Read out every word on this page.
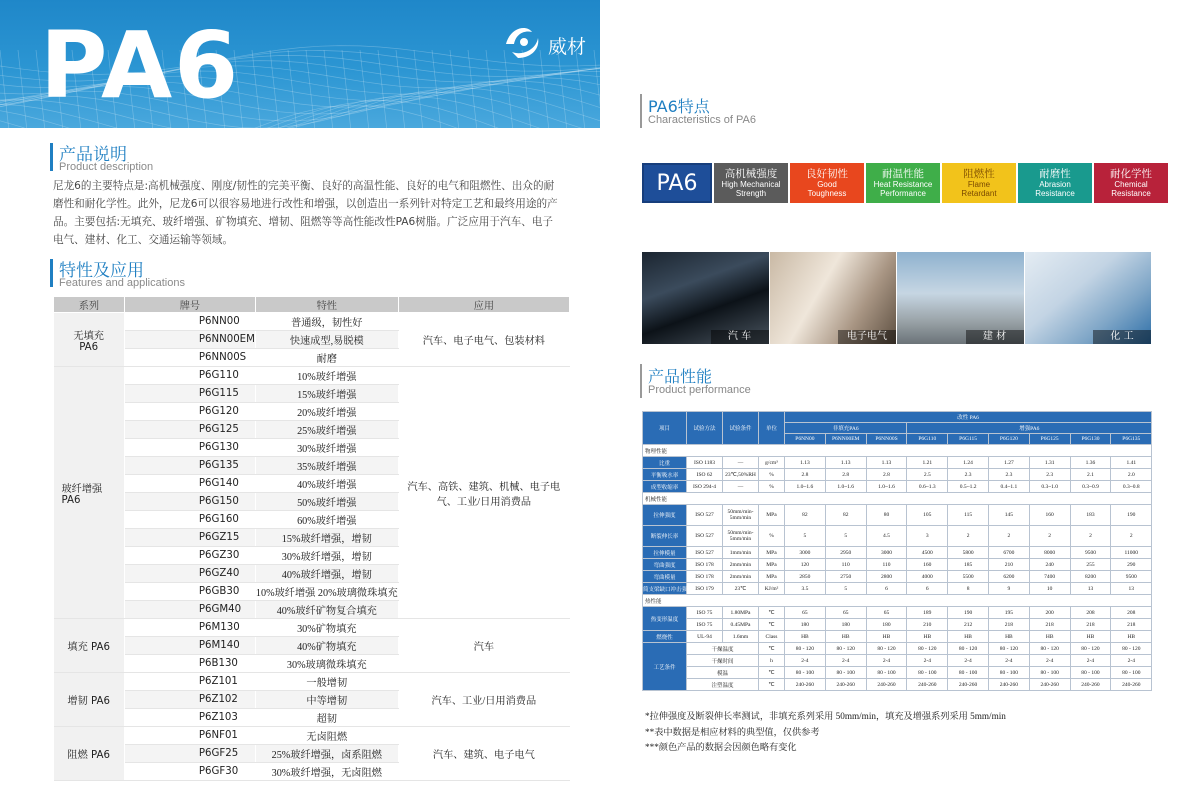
PA6	威材
产品说明
Product description
尼龙6的主要特点是:高机械强度、刚度/韧性的完美平衡、良好的高温性能、良好的电气和阻燃性、出众的耐磨性和耐化学性。此外，尼龙6可以很容易地进行改性和增强，以创造出一系列针对特定工艺和最终用途的产品。主要包括:无填充、玻纤增强、矿物填充、增韧、阻燃等等高性能改性PA6树脂。广泛应用于汽车、电子电气、建材、化工、交通运输等领域。
特性及应用
Features and applications
系列	牌号	特性	应用
无填充
PA6	P6NN00	普通级，韧性好	汽车、电子电气、包装材料
	P6NN00EM	快速成型,易脱模	
	P6NN00S	耐磨	
玻纤增强
PA6	P6G110	10%玻纤增强	汽车、高铁、建筑、机械、电子电气、工业/日用消费品
	P6G115	15%玻纤增强	
	P6G120	20%玻纤增强	
	P6G125	25%玻纤增强	
	P6G130	30%玻纤增强	
	P6G135	35%玻纤增强	
	P6G140	40%玻纤增强	
	P6G150	50%玻纤增强	
	P6G160	60%玻纤增强	
	P6GZ15	15%玻纤增强，增韧	
	P6GZ30	30%玻纤增强，增韧	
	P6GZ40	40%玻纤增强，增韧	
	P6GB30	10%玻纤增强 20%玻璃微珠填充	
	P6GM40	40%玻纤矿物复合填充	
填充 PA6	P6M130	30%矿物填充	汽车
	P6M140	40%矿物填充	
	P6B130	30%玻璃微珠填充	
增韧 PA6	P6Z101	一般增韧	汽车、工业/日用消费品
	P6Z102	中等增韧	
	P6Z103	超韧	
阻燃 PA6	P6NF01	无卤阻燃	汽车、建筑、电子电气
	P6GF25	25%玻纤增强，卤系阻燃	
	P6GF30	30%玻纤增强，无卤阻燃	
PA6特点
Characteristics of PA6
PA6	高机械强度
High Mechanical
Strength
良好韧性
Good
Toughness
耐温性能
Heat Resistance
Performance
阻燃性
Flame
Retardant
耐磨性
Abrasion
Resistance
耐化学性
Chemical
Resistance
汽 车	电子电气	建 材	化 工
产品性能
Product performance
项目	试验方法	试验条件	单位	改性 PA6								
				非填充PA6			增强PA6					
				P6NN00	P6NN00EM	P6NN00S	P6G110	P6G115	P6G120	P6G125	P6G130	P6G135
物理性能												
比重	ISO 1183	—	g/cm³	1.13	1.13	1.13	1.21	1.24	1.27	1.31	1.36	1.41
平衡吸水率	ISO 62	23℃,50%RH	%	2.8	2.8	2.8	2.5	2.3	2.3	2.3	2.1	2.0
成型收缩率	ISO 294-4	—	%	1.0~1.6	1.0~1.6	1.0~1.6	0.6~1.3	0.5~1.2	0.4~1.1	0.3~1.0	0.3~0.9	0.3~0.8
机械性能												
拉伸强度	ISO 527	50mm/min-5mm/min	MPa	82	82	80	105	115	145	160	183	190
断裂伸长率	ISO 527	50mm/min-5mm/min	%	5	5	4.5	3	2	2	2	2	2
拉伸模量	ISO 527	1mm/min	MPa	3000	2950	3000	4500	5800	6700	8000	9500	11000
弯曲强度	ISO 178	2mm/min	MPa	120	110	110	160	185	210	240	255	290
弯曲模量	ISO 178	2mm/min	MPa	2850	2750	2800	4000	5500	6200	7400	8200	9500
简支梁缺口冲击强度	ISO 179	23℃	KJ/m²	3.5	5	6	6	8	9	10	13	13
热性能												
热变形温度	ISO 75	1.80MPa	℃	65	65	65	189	190	195	200	208	208
	ISO 75	0.45MPa	℃	180	180	180	210	212	218	218	218	218
燃烧性	UL-94	1.6mm	Class	HB	HB	HB	HB	HB	HB	HB	HB	HB

工艺条件	干燥温度		℃	80 - 120	80 - 120	80 - 120	80 - 120	80 - 120	80 - 120	80 - 120	80 - 120	80 - 120
	干燥时间		h	2-4	2-4	2-4	2-4	2-4	2-4	2-4	2-4	2-4
	模温		℃	80 - 100	80 - 100	80 - 100	80 - 100	80 - 100	80 - 100	80 - 100	80 - 100	80 - 100
	注塑温度		℃	240-260	240-260	240-260	240-260	240-260	240-260	240-260	240-260	240-260
*拉伸强度及断裂伸长率测试，非填充系列采用 50mm/min，填充及增强系列采用 5mm/min
**表中数据是相应材料的典型值，仅供参考
***颜色产品的数据会因颜色略有变化
